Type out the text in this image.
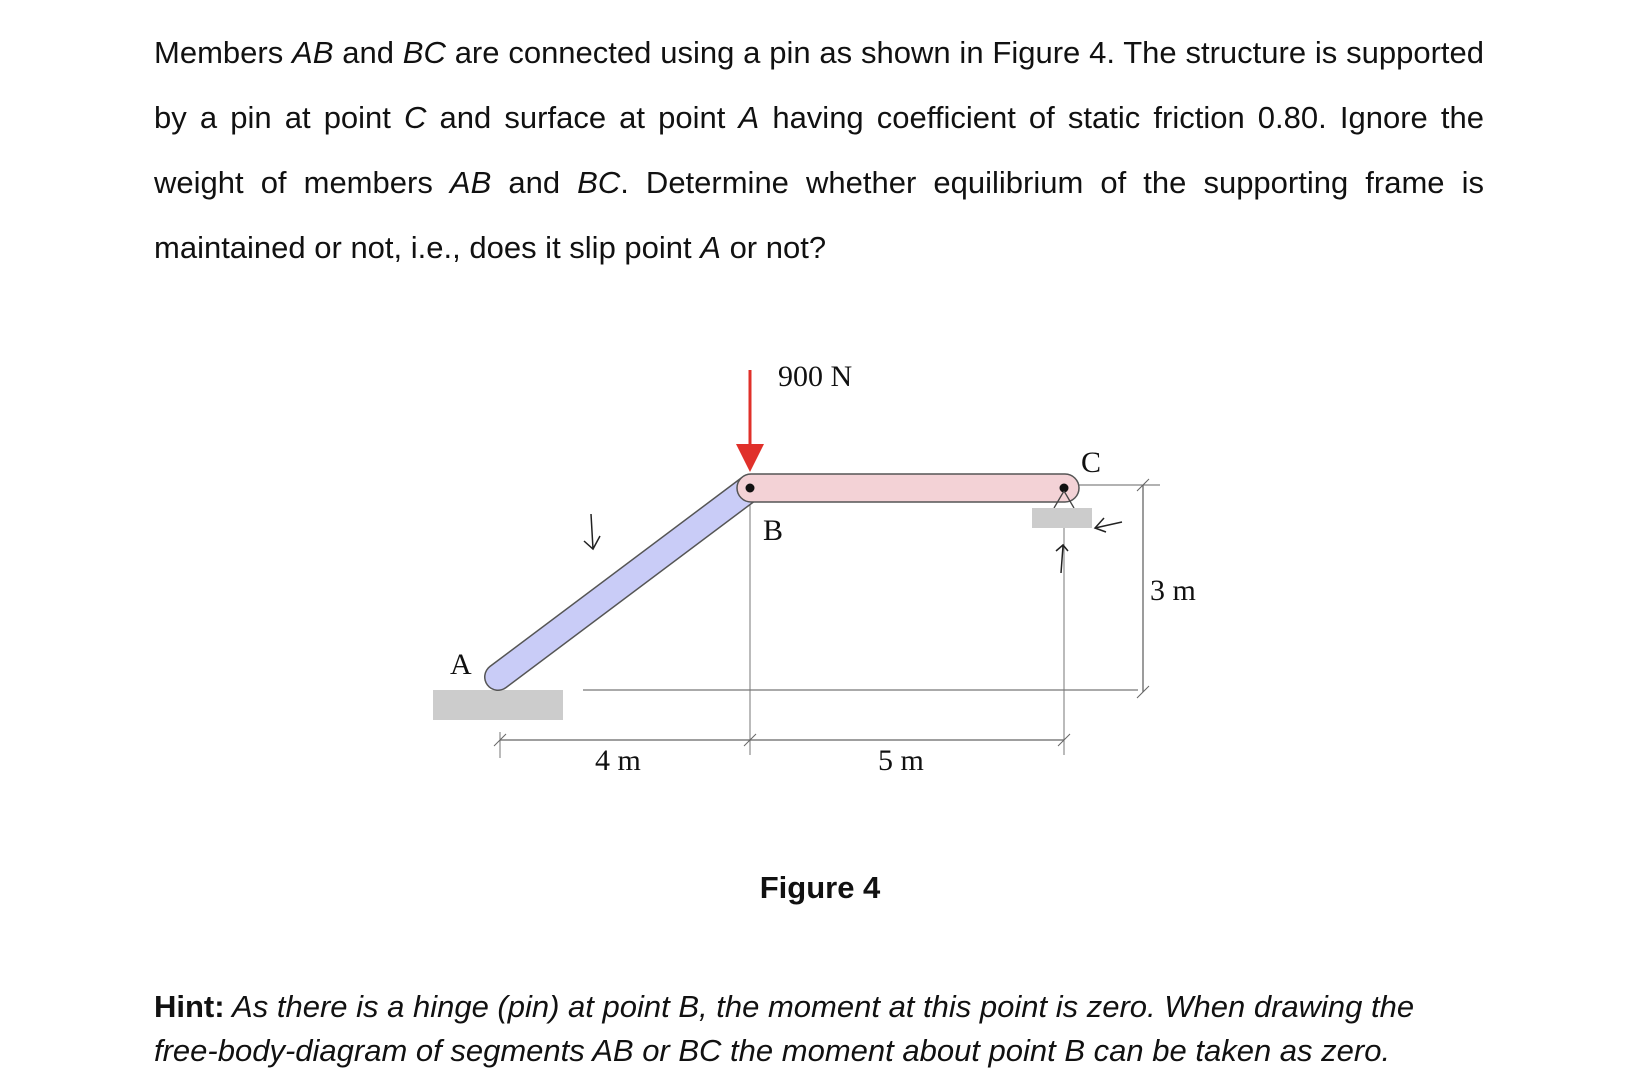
Members AB and BC are connected using a pin as shown in Figure 4. The structure is supported by a pin at point C and surface at point A having coefficient of static friction 0.80. Ignore the weight of members AB and BC. Determine whether equilibrium of the supporting frame is maintained or not, i.e., does it slip point A or not?

900 N
A
B
C
4 m	5 m
3 m
Figure 4

Hint: As there is a hinge (pin) at point B, the moment at this point is zero. When drawing the free-body-diagram of segments AB or BC the moment about point B can be taken as zero.
